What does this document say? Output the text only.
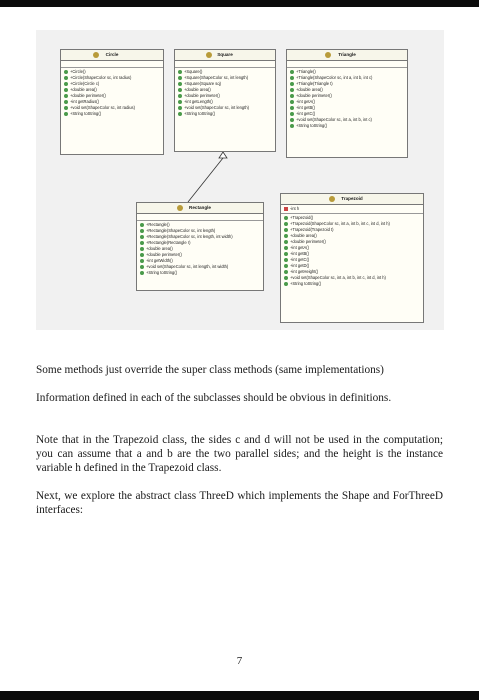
Circle
+Circle()
+Circle(ShapeColor sc, int radius)
+Circle(Circle c)
+double area()
+double perimeter()
+int getRadius()
+void set(ShapeColor sc, int radius)
+String toString()
Square
+Square()
+Square(ShapeColor sc, int length)
+Square(Square sq)
+double area()
+double perimeter()
+int getLength()
+void set(ShapeColor sc, int length)
+String toString()
Triangle
+Triangle()
+Triangle(ShapeColor sc, int a, int b, int c)
+Triangle(Triangle t)
+double area()
+double perimeter()
+int getA()
+int getB()
+int getC()
+void set(ShapeColor sc, int a, int b, int c)
+String toString()
Rectangle
+Rectangle()
+Rectangle(ShapeColor sc, int length)
+Rectangle(ShapeColor sc, int length, int width)
+Rectangle(Rectangle r)
+double area()
+double perimeter()
+int getWidth()
+void set(ShapeColor sc, int length, int width)
+String toString()
Trapezoid
-int h
+Trapezoid()
+Trapezoid(ShapeColor sc, int a, int b, int c, int d, int h)
+Trapezoid(Trapezoid t)
+double area()
+double perimeter()
+int getA()
+int getB()
+int getC()
+int getD()
+int getHeight()
+void set(ShapeColor sc, int a, int b, int c, int d, int h)
+String toString()
Some methods just override the super class methods (same implementations)
Information defined in each of the subclasses should be obvious in definitions.
Note that in the Trapezoid class, the sides c and d will not be used in the computation; you can assume that a and b are the two parallel sides; and the height is the instance variable h defined in the Trapezoid class.
Next, we explore the abstract class ThreeD which implements the Shape and ForThreeD interfaces:
7
